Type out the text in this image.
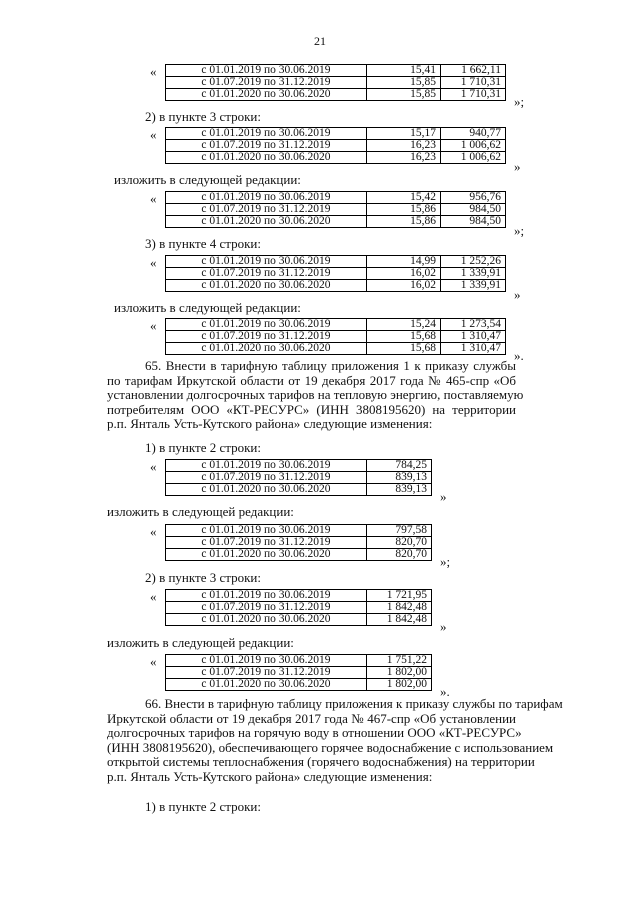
21
«	с 01.01.2019 по 30.06.2019	15,41	1 662,11
с 01.07.2019 по 31.12.2019	15,85	1 710,31
с 01.01.2020 по 30.06.2020	15,85	1 710,31 »;
2) в пункте 3 строки:
«	с 01.01.2019 по 30.06.2019	15,17	940,77
с 01.07.2019 по 31.12.2019	16,23	1 006,62
с 01.01.2020 по 30.06.2020	16,23	1 006,62
»
изложить в следующей редакции:
«	с 01.01.2019 по 30.06.2019	15,42	956,76
с 01.07.2019 по 31.12.2019	15,86	984,50
с 01.01.2020 по 30.06.2020	15,86	984,50
»;
3) в пункте 4 строки:
«	с 01.01.2019 по 30.06.2019	14,99	1 252,26
с 01.07.2019 по 31.12.2019	16,02	1 339,91
с 01.01.2020 по 30.06.2020	16,02	1 339,91
»
изложить в следующей редакции:
«	с 01.01.2019 по 30.06.2019	15,24	1 273,54
с 01.07.2019 по 31.12.2019	15,68	1 310,47
с 01.01.2020 по 30.06.2020	15,68	1 310,47 ».
65. Внести в тарифную таблицу приложения 1 к приказу службы
по тарифам Иркутской области от 19 декабря 2017 года № 465-спр «Об
установлении долгосрочных тарифов на тепловую энергию, поставляемую
потребителям ООО «КТ-РЕСУРС» (ИНН 3808195620) на территории
р.п. Янталь Усть-Кутского района» следующие изменения:
1) в пункте 2 строки:
«	с 01.01.2019 по 30.06.2019	784,25
с 01.07.2019 по 31.12.2019	839,13
с 01.01.2020 по 30.06.2020	839,13 »
изложить в следующей редакции:
«	с 01.01.2019 по 30.06.2019	797,58
с 01.07.2019 по 31.12.2019	820,70
с 01.01.2020 по 30.06.2020	820,70 »;
2) в пункте 3 строки:
«	с 01.01.2019 по 30.06.2019	1 721,95
с 01.07.2019 по 31.12.2019	1 842,48
с 01.01.2020 по 30.06.2020	1 842,48 »
изложить в следующей редакции:
«	с 01.01.2019 по 30.06.2019	1 751,22
с 01.07.2019 по 31.12.2019	1 802,00
с 01.01.2020 по 30.06.2020	1 802,00 ».
66. Внести в тарифную таблицу приложения к приказу службы по тарифам
Иркутской области от 19 декабря 2017 года № 467-спр «Об установлении
долгосрочных тарифов на горячую воду в отношении ООО «КТ-РЕСУРС»
(ИНН 3808195620), обеспечивающего горячее водоснабжение с использованием
открытой системы теплоснабжения (горячего водоснабжения) на территории
р.п. Янталь Усть-Кутского района» следующие изменения:
1) в пункте 2 строки:
